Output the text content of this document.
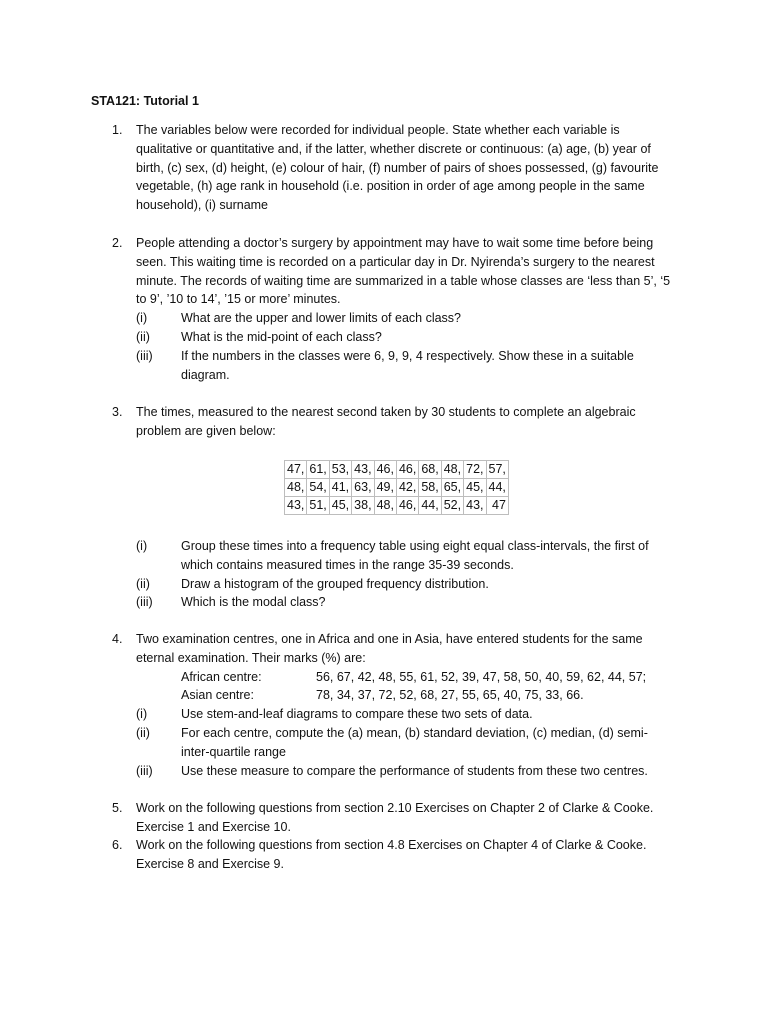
STA121: Tutorial 1
1. The variables below were recorded for individual people. State whether each variable is qualitative or quantitative and, if the latter, whether discrete or continuous: (a) age, (b) year of birth, (c) sex, (d) height, (e) colour of hair, (f) number of pairs of shoes possessed, (g) favourite vegetable, (h) age rank in household (i.e. position in order of age among people in the same household), (i) surname

2. People attending a doctor’s surgery by appointment may have to wait some time before being seen. This waiting time is recorded on a particular day in Dr. Nyirenda’s surgery to the nearest minute. The records of waiting time are summarized in a table whose classes are ‘less than 5’, ‘5 to 9’, ’10 to 14’, ’15 or more’ minutes.

(i)	What are the upper and lower limits of each class?
(ii) What is the mid-point of each class?
(iii) If the numbers in the classes were 6, 9, 9, 4 respectively. Show these in a suitable diagram.
3. The times, measured to the nearest second taken by 30 students to complete an algebraic problem are given below:

47,	61,	53,	43,	46,	46,	68,	48,	72,	57,
48,	54,	41,	63,	49,	42,	58,	65,	45,	44,
43,	51,	45,	38,	48,	46,	44,	52,	43,	47
(i)	Group these times into a frequency table using eight equal class-intervals, the first of which contains measured times in the range 35-39 seconds.
(ii) Draw a histogram of the grouped frequency distribution.
(iii) Which is the modal class?
4. Two examination centres, one in Africa and one in Asia, have entered students for the same eternal examination. Their marks (%) are:

African centre:	56, 67, 42, 48, 55, 61, 52, 39, 47, 58, 50, 40, 59, 62, 44, 57;
Asian centre:	78, 34, 37, 72, 52, 68, 27, 55, 65, 40, 75, 33, 66.
(i)	Use stem-and-leaf diagrams to compare these two sets of data.
(ii) For each centre, compute the (a) mean, (b) standard deviation, (c) median, (d) semi-inter-quartile range
(iii) Use these measure to compare the performance of students from these two centres.
5. Work on the following questions from section 2.10 Exercises on Chapter 2 of Clarke & Cooke. Exercise 1 and Exercise 10.

6. Work on the following questions from section 4.8 Exercises on Chapter 4 of Clarke & Cooke. Exercise 8 and Exercise 9.
